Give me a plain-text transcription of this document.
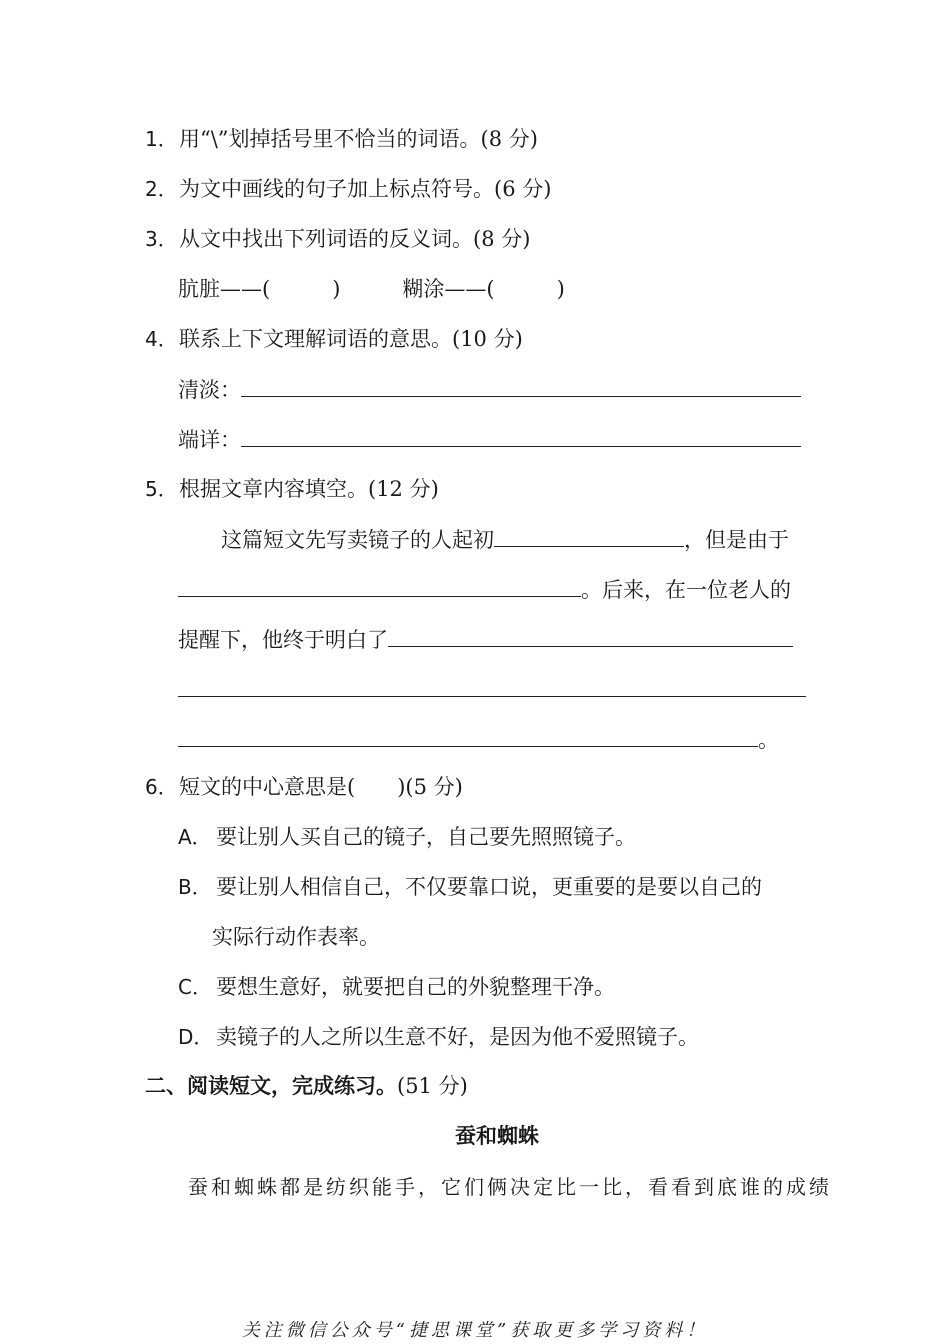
1．用“\”划掉括号里不恰当的词语。(8 分)
2．为文中画线的句子加上标点符号。(6 分)
3．从文中找出下列词语的反义词。(8 分)
肮脏——(	)	糊涂——(	)
4．联系上下文理解词语的意思。(10 分)
清淡：
端详：
5．根据文章内容填空。(12 分)
这篇短文先写卖镜子的人起初	，但是由于
。后来，在一位老人的
提醒下，他终于明白了
。
6．短文的中心意思是(　　)(5 分)
A． 要让别人买自己的镜子，自己要先照照镜子。
B． 要让别人相信自己，不仅要靠口说，更重要的是要以自己的
实际行动作表率。
C． 要想生意好，就要把自己的外貌整理干净。
D． 卖镜子的人之所以生意不好，是因为他不爱照镜子。
二、阅读短文，完成练习。(51 分)
蚕和蜘蛛
蚕和蜘蛛都是纺织能手，它们俩决定比一比，看看到底谁的成绩
关注微信公众号“捷思课堂”获取更多学习资料！
